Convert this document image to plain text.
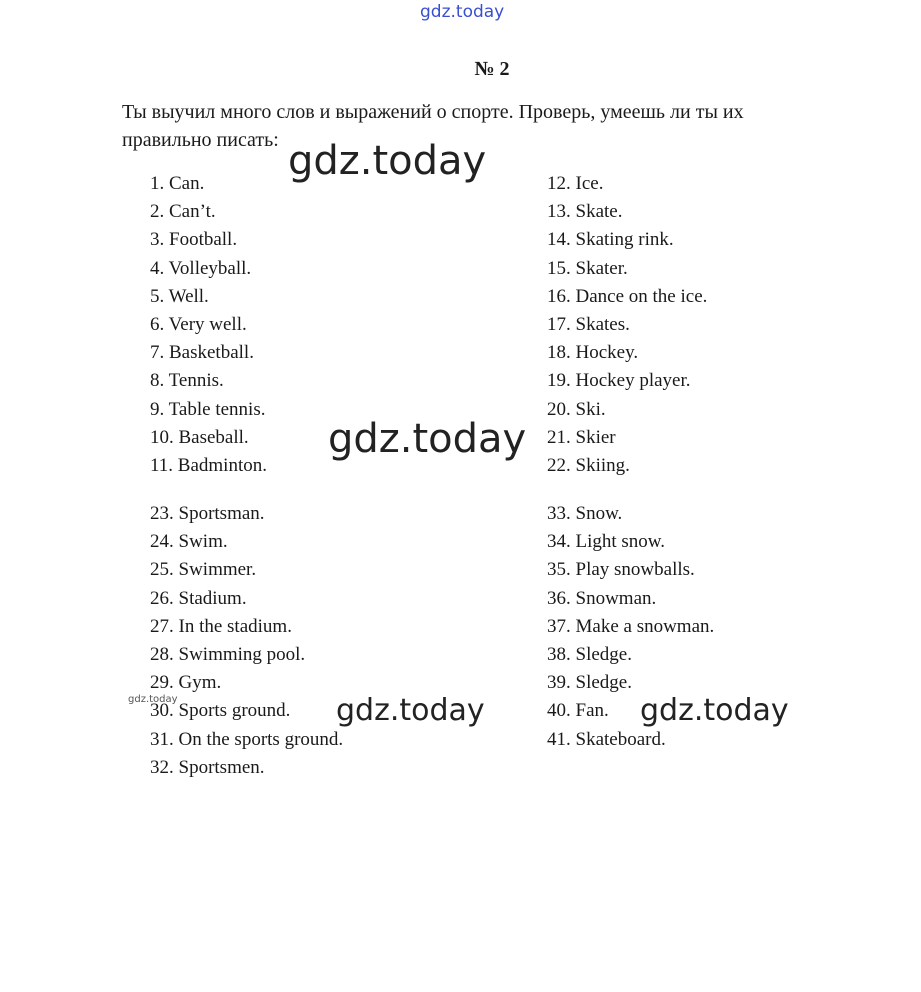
gdz.today
№ 2

Ты выучил много слов и выражений о спорте. Проверь, умеешь ли ты их правильно писать:

1. Can.
2. Can’t.
3. Football.
4. Volleyball.
5. Well.
6. Very well.
7. Basketball.
8. Tennis.
9. Table tennis.
10. Baseball.
11. Badminton.
23. Sportsman.
24. Swim.
25. Swimmer.
26. Stadium.
27. In the stadium.
28. Swimming pool.
29. Gym.
30. Sports ground.
31. On the sports ground.
32. Sportsmen.
12. Ice.
13. Skate.
14. Skating rink.
15. Skater.
16. Dance on the ice.
17. Skates.
18. Hockey.
19. Hockey player.
20. Ski.
21. Skier
22. Skiing.
33. Snow.
34. Light snow.
35. Play snowballs.
36. Snowman.
37. Make a snowman.
38. Sledge.
39. Sledge.
40. Fan.
41. Skateboard.
gdz.today
gdz.today
gdz.today	gdz.today
gdz.today
